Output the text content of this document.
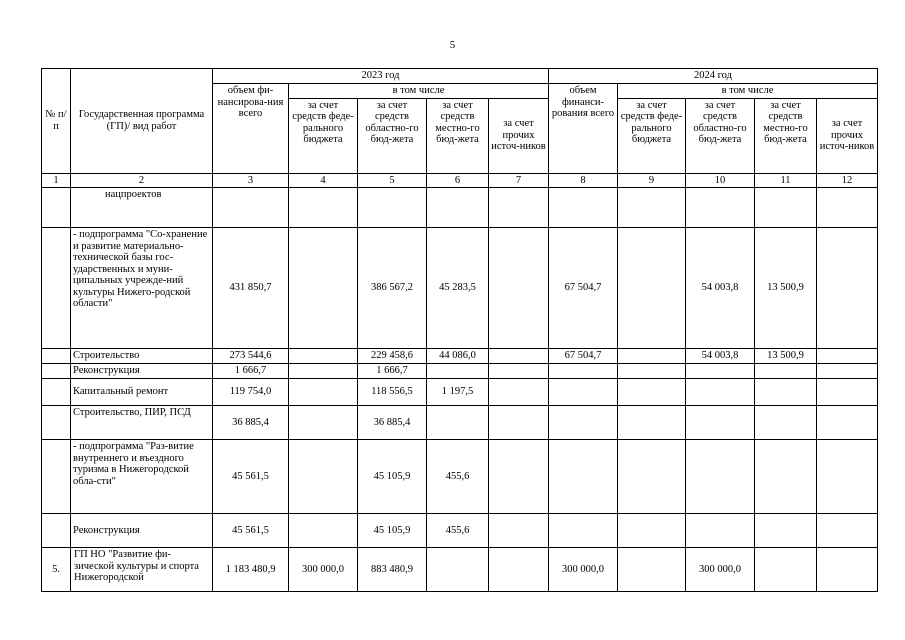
5
№ п/п	Государственная программа (ГП)/ вид работ	2023 год					2024 год				
		объем фи-нансирова-ния всего	в том числе				объем финанси-рования всего	в том числе			
			за счет средств феде-рального бюджета	за счет средств областно-го бюд-жета	за счет средств местно-го бюд-жета	за счет прочих источ-ников		за счет средств феде-рального бюджета	за счет средств областно-го бюд-жета	за счет средств местно-го бюд-жета	за счет прочих источ-ников
1	2	3	4	5	6	7	8	9	10	11	12
	нацпроектов										
	- подпрограмма "Со-хранение и развитие материально-технической базы гос-ударственных и муни-ципальных учрежде-ний культуры Нижего-родской области"	431 850,7		386 567,2	45 283,5		67 504,7		54 003,8	13 500,9	
	Строительство	273 544,6		229 458,6	44 086,0		67 504,7		54 003,8	13 500,9	
	Реконструкция	1 666,7		1 666,7							
	Капитальный ремонт	119 754,0		118 556,5	1 197,5						
	Строительство, ПИР, ПСД	36 885,4		36 885,4							
	- подпрограмма "Раз-витие внутреннего и въездного туризма в Нижегородской обла-сти"	45 561,5		45 105,9	455,6						
	Реконструкция	45 561,5		45 105,9	455,6						
5.	ГП НО "Развитие фи-зической культуры и спорта Нижегородской	1 183 480,9	300 000,0	883 480,9			300 000,0		300 000,0		
